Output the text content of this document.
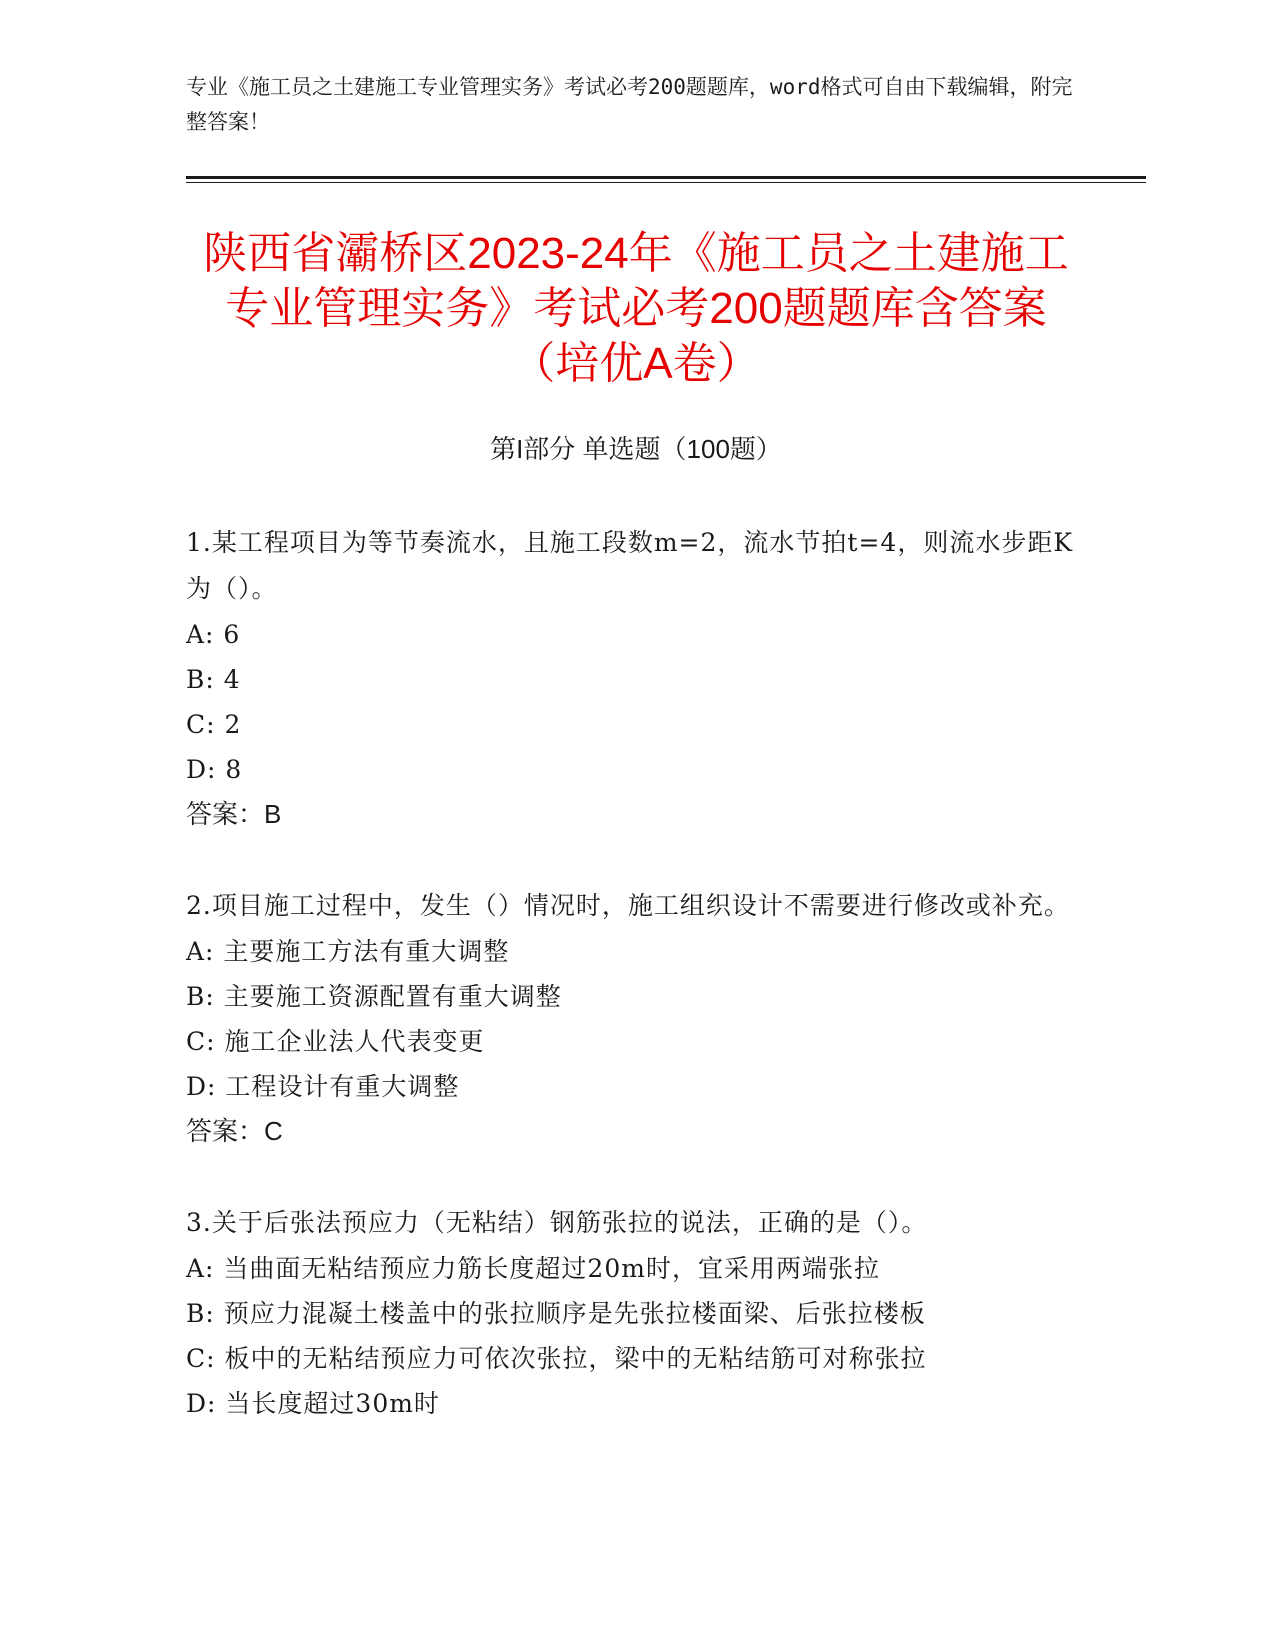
专业《施工员之土建施工专业管理实务》考试必考200题题库，word格式可自由下载编辑，附完整答案！
陕西省灞桥区2023-24年《施工员之土建施工专业管理实务》考试必考200题题库含答案（培优A卷）
第I部分 单选题（100题）
1.某工程项目为等节奏流水，且施工段数m=2，流水节拍t=4，则流水步距K为（）。
A: 6
B: 4
C: 2
D: 8
答案：B
2.项目施工过程中，发生（）情况时，施工组织设计不需要进行修改或补充。
A: 主要施工方法有重大调整
B: 主要施工资源配置有重大调整
C: 施工企业法人代表变更
D: 工程设计有重大调整
答案：C
3.关于后张法预应力（无粘结）钢筋张拉的说法，正确的是（）。
A: 当曲面无粘结预应力筋长度超过20m时，宜采用两端张拉
B: 预应力混凝土楼盖中的张拉顺序是先张拉楼面梁、后张拉楼板
C: 板中的无粘结预应力可依次张拉，梁中的无粘结筋可对称张拉
D: 当长度超过30m时
